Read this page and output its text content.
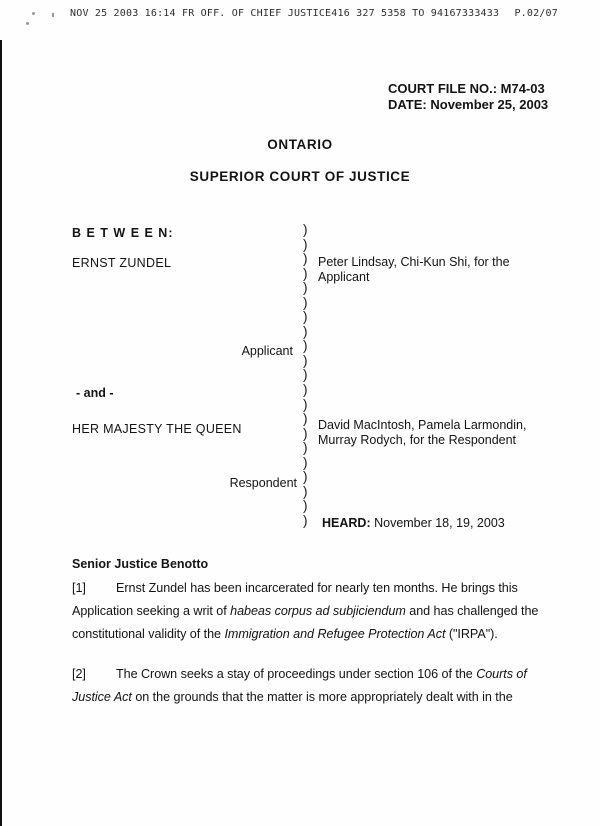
NOV 25 2003 16:14 FR OFF. OF CHIEF JUSTICE416 327 5358 TO 94167333433 P.02/07
COURT FILE NO.: M74-03
DATE: November 25, 2003
ONTARIO
SUPERIOR COURT OF JUSTICE
B E T W E E N:
ERNST ZUNDEL
Applicant
- and -
HER MAJESTY THE QUEEN
Respondent
)
)
)
)
)
)
)
)
)
)
)
)
)
)
)
)
)
)
)
)
)
Peter Lindsay, Chi-Kun Shi, for the
Applicant
David MacIntosh, Pamela Larmondin,
Murray Rodych, for the Respondent
HEARD: November 18, 19, 2003
Senior Justice Benotto
[1] Ernst Zundel has been incarcerated for nearly ten months. He brings this
Application seeking a writ of habeas corpus ad subjiciendum and has challenged the
constitutional validity of the Immigration and Refugee Protection Act ("IRPA").
[2] The Crown seeks a stay of proceedings under section 106 of the Courts of
Justice Act on the grounds that the matter is more appropriately dealt with in the
